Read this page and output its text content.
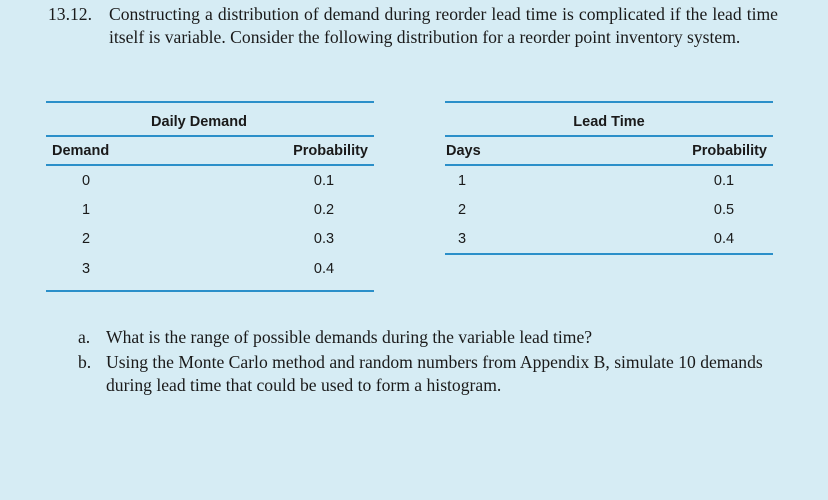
13.12. Constructing a distribution of demand during reorder lead time is complicated if the lead time itself is variable. Consider the following distribution for a reorder point inventory system.
Daily Demand
Demand	Probability
0	0.1
1	0.2
2	0.3
3	0.4
Lead Time
Days	Probability
1	0.1
2	0.5
3	0.4
a. What is the range of possible demands during the variable lead time?
b. Using the Monte Carlo method and random numbers from Appendix B, simulate 10 demands during lead time that could be used to form a histogram.
